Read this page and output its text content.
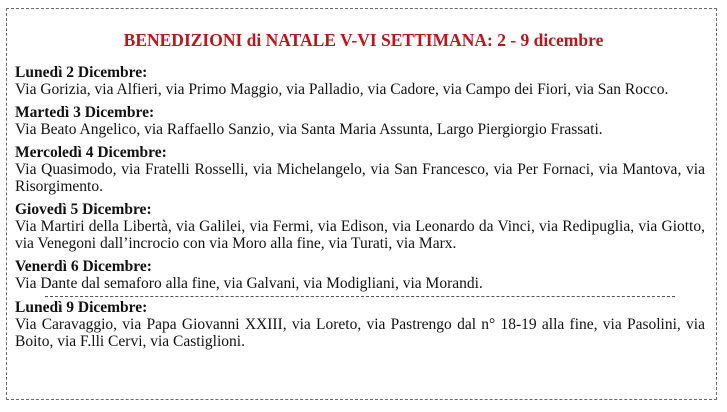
BENEDIZIONI di NATALE V-VI SETTIMANA: 2 - 9 dicembre
Lunedì 2 Dicembre:
Via Gorizia, via Alfieri, via Primo Maggio, via Palladio, via Cadore, via Campo dei Fiori, via San Rocco.
Martedì 3 Dicembre:
Via Beato Angelico, via Raffaello Sanzio, via Santa Maria Assunta, Largo Piergiorgio Frassati.
Mercoledì 4 Dicembre:
Via Quasimodo, via Fratelli Rosselli, via Michelangelo, via San Francesco, via Per Fornaci, via Mantova, via Risorgimento.
Giovedì 5 Dicembre:
Via Martiri della Libertà, via Galilei, via Fermi, via Edison, via Leonardo da Vinci, via Redipuglia, via Giotto, via Venegoni dall’incrocio con via Moro alla fine, via Turati, via Marx.
Venerdì 6 Dicembre:
Via Dante dal semaforo alla fine, via Galvani, via Modigliani, via Morandi.
Lunedì 9 Dicembre:
Via Caravaggio, via Papa Giovanni XXIII, via Loreto, via Pastrengo dal n° 18-19 alla fine, via Pasolini, via Boito, via F.lli Cervi, via Castiglioni.
